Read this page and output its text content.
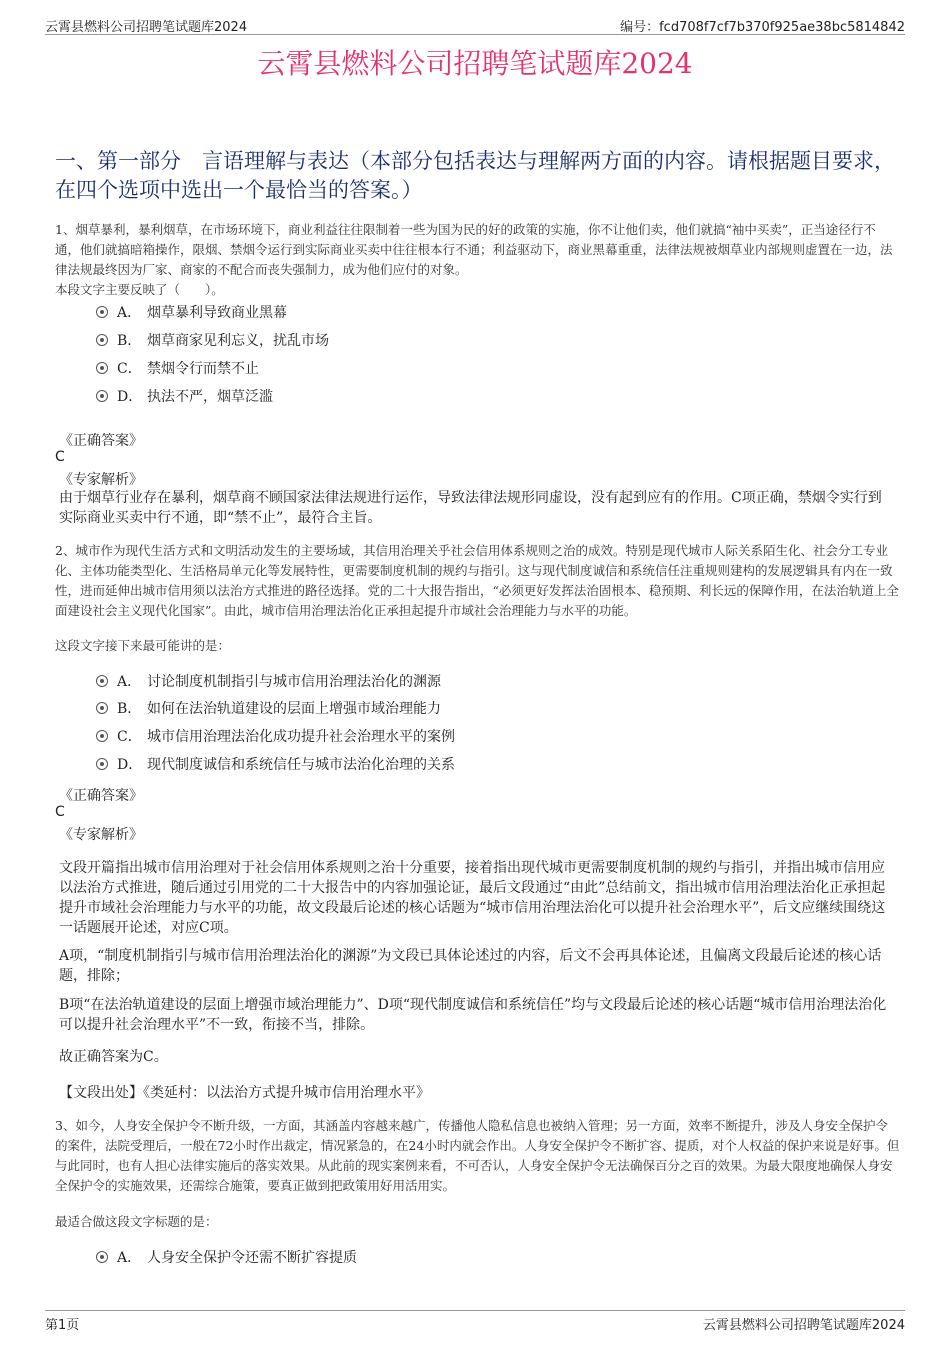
云霄县燃料公司招聘笔试题库2024	编号：fcd708f7cf7b370f925ae38bc5814842
云霄县燃料公司招聘笔试题库2024
一、第一部分　言语理解与表达（本部分包括表达与理解两方面的内容。请根据题目要求，在四个选项中选出一个最恰当的答案。）
1、烟草暴利，暴利烟草，在市场环境下，商业利益往往限制着一些为国为民的好的政策的实施，你不让他们卖，他们就搞“袖中买卖”，正当途径行不通，他们就搞暗箱操作，限烟、禁烟令运行到实际商业买卖中往往根本行不通；利益驱动下，商业黑幕重重，法律法规被烟草业内部规则虚置在一边，法律法规最终因为厂家、商家的不配合而丧失强制力，成为他们应付的对象。
本段文字主要反映了（　　）。
A． 烟草暴利导致商业黑幕
B． 烟草商家见利忘义，扰乱市场
C． 禁烟令行而禁不止
D． 执法不严，烟草泛滥
《正确答案》
C
《专家解析》
由于烟草行业存在暴利，烟草商不顾国家法律法规进行运作，导致法律法规形同虚设，没有起到应有的作用。C项正确，禁烟令实行到实际商业买卖中行不通，即“禁不止”，最符合主旨。
2、城市作为现代生活方式和文明活动发生的主要场域，其信用治理关乎社会信用体系规则之治的成效。特别是现代城市人际关系陌生化、社会分工专业化、主体功能类型化、生活格局单元化等发展特性，更需要制度机制的规约与指引。这与现代制度诚信和系统信任注重规则建构的发展逻辑具有内在一致性，进而延伸出城市信用须以法治方式推进的路径选择。党的二十大报告指出，“必须更好发挥法治固根本、稳预期、利长远的保障作用，在法治轨道上全面建设社会主义现代化国家”。由此，城市信用治理法治化正承担起提升市域社会治理能力与水平的功能。
这段文字接下来最可能讲的是：
A． 讨论制度机制指引与城市信用治理法治化的渊源
B． 如何在法治轨道建设的层面上增强市域治理能力
C． 城市信用治理法治化成功提升社会治理水平的案例
D． 现代制度诚信和系统信任与城市法治化治理的关系
《正确答案》
C
《专家解析》
文段开篇指出城市信用治理对于社会信用体系规则之治十分重要，接着指出现代城市更需要制度机制的规约与指引，并指出城市信用应以法治方式推进，随后通过引用党的二十大报告中的内容加强论证，最后文段通过“由此”总结前文，指出城市信用治理法治化正承担起提升市域社会治理能力与水平的功能，故文段最后论述的核心话题为“城市信用治理法治化可以提升社会治理水平”，后文应继续围绕这一话题展开论述，对应C项。
A项，“制度机制指引与城市信用治理法治化的渊源”为文段已具体论述过的内容，后文不会再具体论述，且偏离文段最后论述的核心话题，排除；
B项“在法治轨道建设的层面上增强市域治理能力”、D项“现代制度诚信和系统信任”均与文段最后论述的核心话题“城市信用治理法治化可以提升社会治理水平”不一致，衔接不当，排除。
故正确答案为C。
【文段出处】《类延村：以法治方式提升城市信用治理水平》
3、如今，人身安全保护令不断升级，一方面，其涵盖内容越来越广，传播他人隐私信息也被纳入管理；另一方面，效率不断提升，涉及人身安全保护令的案件，法院受理后，一般在72小时作出裁定，情况紧急的，在24小时内就会作出。人身安全保护令不断扩容、提质，对个人权益的保护来说是好事。但与此同时，也有人担心法律实施后的落实效果。从此前的现实案例来看，不可否认，人身安全保护令无法确保百分之百的效果。为最大限度地确保人身安全保护令的实施效果，还需综合施策，要真正做到把政策用好用活用实。
最适合做这段文字标题的是：
A． 人身安全保护令还需不断扩容提质
第1页	云霄县燃料公司招聘笔试题库2024
